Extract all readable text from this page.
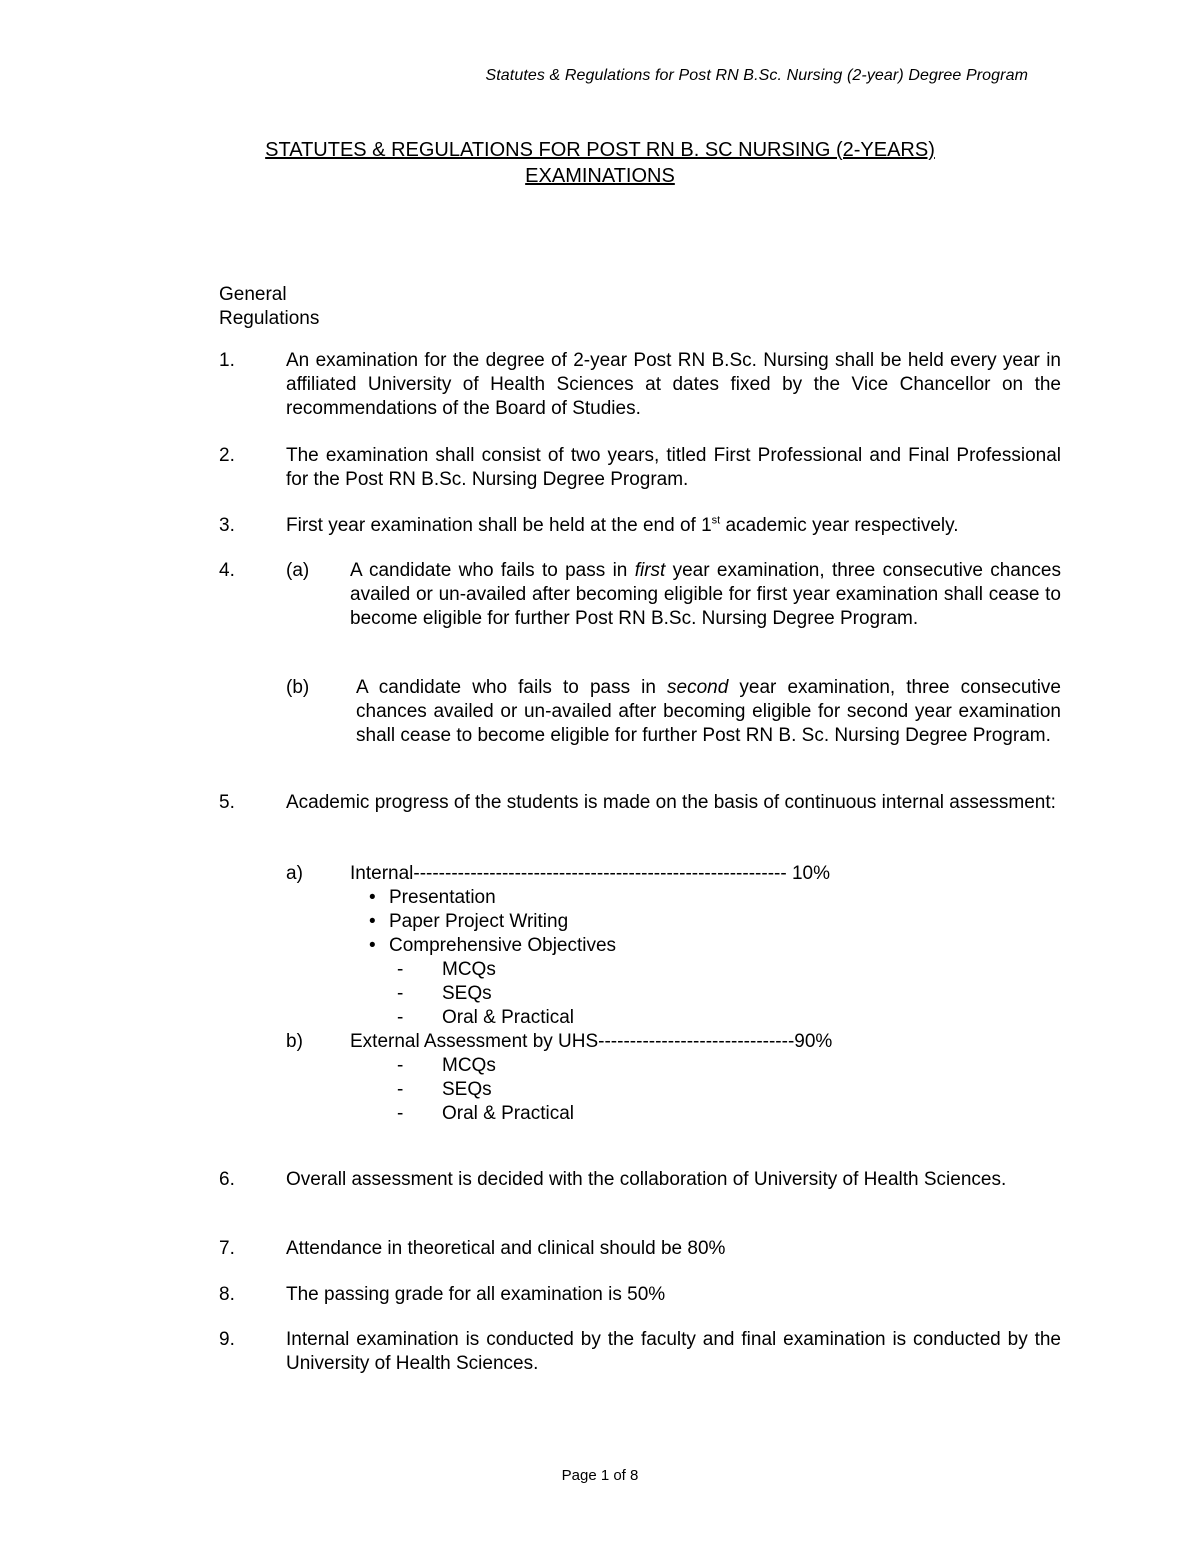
Statutes & Regulations for Post RN B.Sc. Nursing (2-year) Degree Program
STATUTES & REGULATIONS FOR POST RN B. SC NURSING (2-YEARS)
EXAMINATIONS
General
Regulations
1.	An examination for the degree of 2-year Post RN B.Sc. Nursing shall be held every year in affiliated University of Health Sciences at dates fixed by the Vice Chancellor on the recommendations of the Board of Studies.
2.	The examination shall consist of two years, titled First Professional and Final Professional for the Post RN B.Sc. Nursing Degree Program.
3.	First year examination shall be held at the end of 1st academic year respectively.
4.	(a)	A candidate who fails to pass in first year examination, three consecutive chances availed or un-availed after becoming eligible for first year examination shall cease to become eligible for further Post RN B.Sc. Nursing Degree Program.
(b)	A candidate who fails to pass in second year examination, three consecutive chances availed or un-availed after becoming eligible for second year examination shall cease to become eligible for further Post RN B. Sc. Nursing Degree Program.
5.	Academic progress of the students is made on the basis of continuous internal assessment:
a)	Internal----------------------------------------------------------- 10%
• Presentation
• Paper Project Writing
• Comprehensive Objectives
- MCQs
- SEQs
- Oral & Practical
b)	External Assessment by UHS-------------------------------90%
- MCQs
- SEQs
- Oral & Practical
6.	Overall assessment is decided with the collaboration of University of Health Sciences.
7.	Attendance in theoretical and clinical should be 80%
8.	The passing grade for all examination is 50%
9.	Internal examination is conducted by the faculty and final examination is conducted by the University of Health Sciences.
Page 1 of 8
